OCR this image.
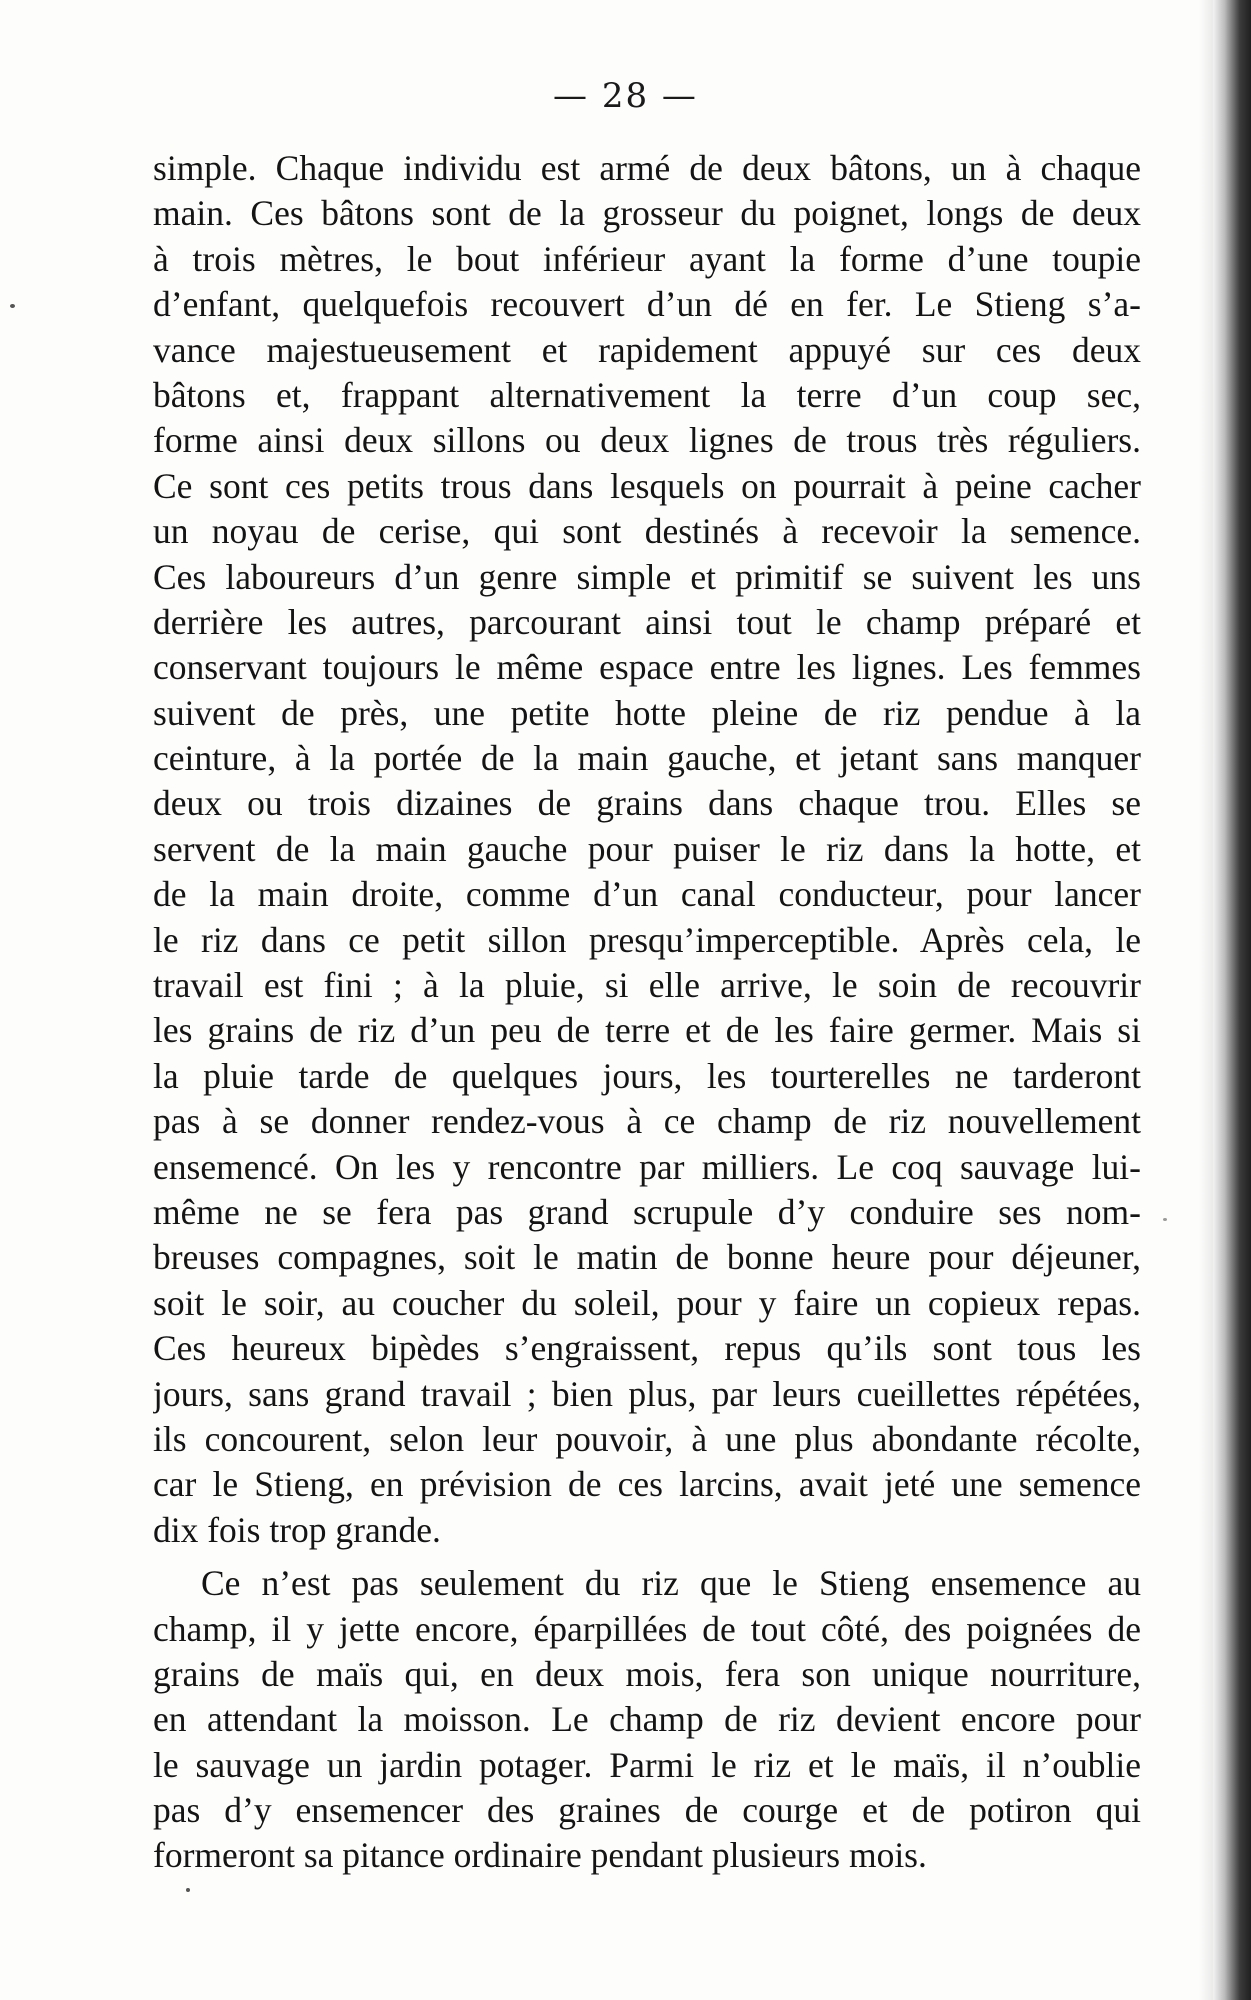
— 28 —
simple. Chaque individu est armé de deux bâtons, un à chaque
main. Ces bâtons sont de la grosseur du poignet, longs de deux
à trois mètres, le bout inférieur ayant la forme d’une toupie
d’enfant, quelquefois recouvert d’un dé en fer. Le Stieng s’a-
vance majestueusement et rapidement appuyé sur ces deux
bâtons et, frappant alternativement la terre d’un coup sec,
forme ainsi deux sillons ou deux lignes de trous très réguliers.
Ce sont ces petits trous dans lesquels on pourrait à peine cacher
un noyau de cerise, qui sont destinés à recevoir la semence.
Ces laboureurs d’un genre simple et primitif se suivent les uns
derrière les autres, parcourant ainsi tout le champ préparé et
conservant toujours le même espace entre les lignes. Les femmes
suivent de près, une petite hotte pleine de riz pendue à la
ceinture, à la portée de la main gauche, et jetant sans manquer
deux ou trois dizaines de grains dans chaque trou. Elles se
servent de la main gauche pour puiser le riz dans la hotte, et
de la main droite, comme d’un canal conducteur, pour lancer
le riz dans ce petit sillon presqu’imperceptible. Après cela, le
travail est fini ; à la pluie, si elle arrive, le soin de recouvrir
les grains de riz d’un peu de terre et de les faire germer. Mais si
la pluie tarde de quelques jours, les tourterelles ne tarderont
pas à se donner rendez-vous à ce champ de riz nouvellement
ensemencé. On les y rencontre par milliers. Le coq sauvage lui-
même ne se fera pas grand scrupule d’y conduire ses nom-
breuses compagnes, soit le matin de bonne heure pour déjeuner,
soit le soir, au coucher du soleil, pour y faire un copieux repas.
Ces heureux bipèdes s’engraissent, repus qu’ils sont tous les
jours, sans grand travail ; bien plus, par leurs cueillettes répétées,
ils concourent, selon leur pouvoir, à une plus abondante récolte,
car le Stieng, en prévision de ces larcins, avait jeté une semence
dix fois trop grande.
Ce n’est pas seulement du riz que le Stieng ensemence au
champ, il y jette encore, éparpillées de tout côté, des poignées de
grains de maïs qui, en deux mois, fera son unique nourriture,
en attendant la moisson. Le champ de riz devient encore pour
le sauvage un jardin potager. Parmi le riz et le maïs, il n’oublie
pas d’y ensemencer des graines de courge et de potiron qui
formeront sa pitance ordinaire pendant plusieurs mois.
